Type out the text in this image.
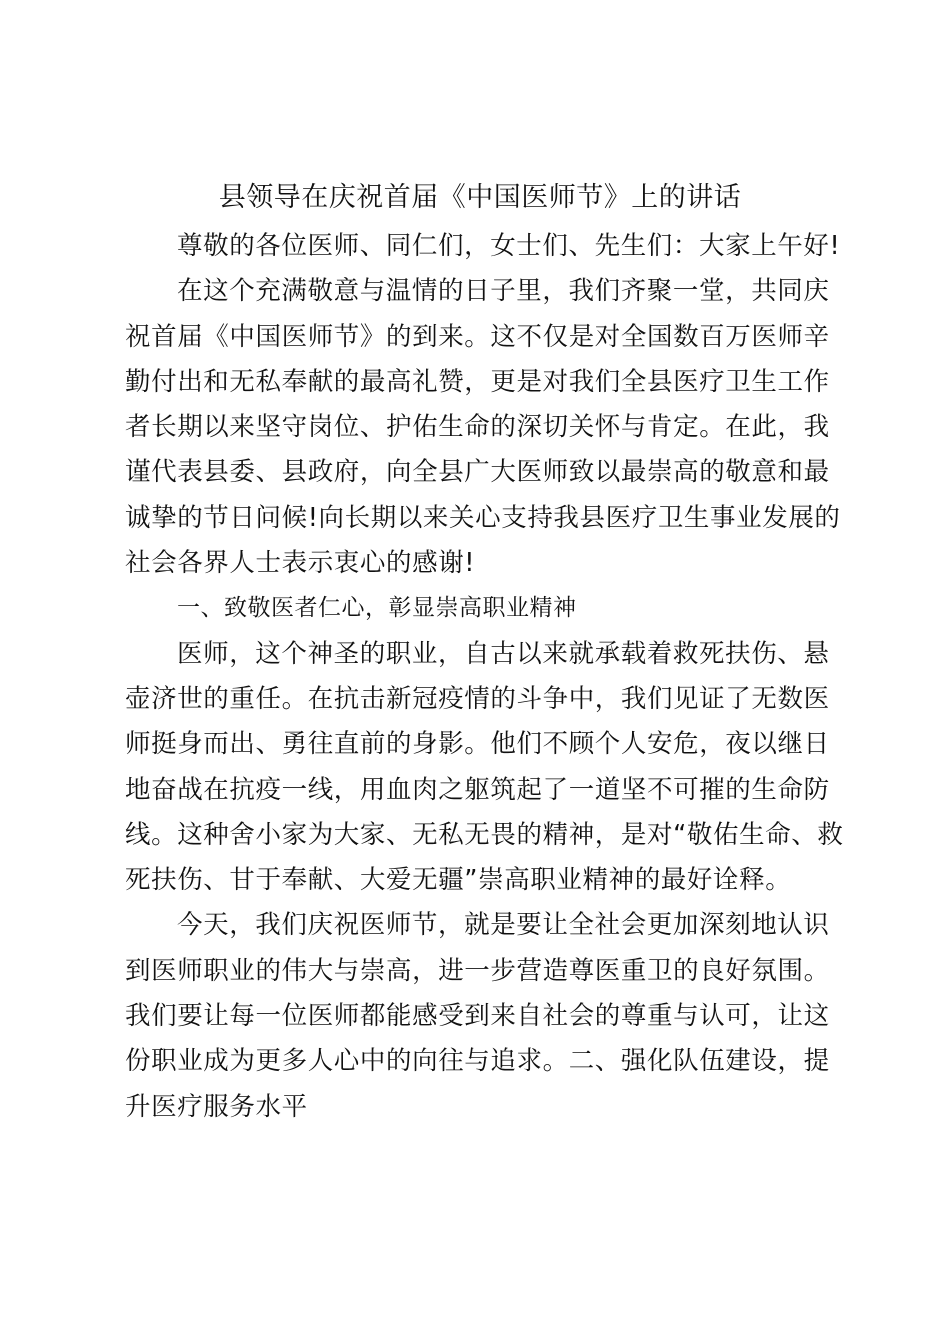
县领导在庆祝首届《中国医师节》上的讲话
尊敬的各位医师、同仁们，女士们、先生们：大家上午好!
在这个充满敬意与温情的日子里，我们齐聚一堂，共同庆
祝首届《中国医师节》的到来。这不仅是对全国数百万医师辛
勤付出和无私奉献的最高礼赞，更是对我们全县医疗卫生工作
者长期以来坚守岗位、护佑生命的深切关怀与肯定。在此，我
谨代表县委、县政府，向全县广大医师致以最崇高的敬意和最
诚挚的节日问候!向长期以来关心支持我县医疗卫生事业发展的
社会各界人士表示衷心的感谢!
一、致敬医者仁心，彰显崇高职业精神
医师，这个神圣的职业，自古以来就承载着救死扶伤、悬
壶济世的重任。在抗击新冠疫情的斗争中，我们见证了无数医
师挺身而出、勇往直前的身影。他们不顾个人安危，夜以继日
地奋战在抗疫一线，用血肉之躯筑起了一道坚不可摧的生命防
线。这种舍小家为大家、无私无畏的精神，是对“敬佑生命、救
死扶伤、甘于奉献、大爱无疆”崇高职业精神的最好诠释。
今天，我们庆祝医师节，就是要让全社会更加深刻地认识
到医师职业的伟大与崇高，进一步营造尊医重卫的良好氛围。
我们要让每一位医师都能感受到来自社会的尊重与认可，让这
份职业成为更多人心中的向往与追求。二、强化队伍建设，提
升医疗服务水平
